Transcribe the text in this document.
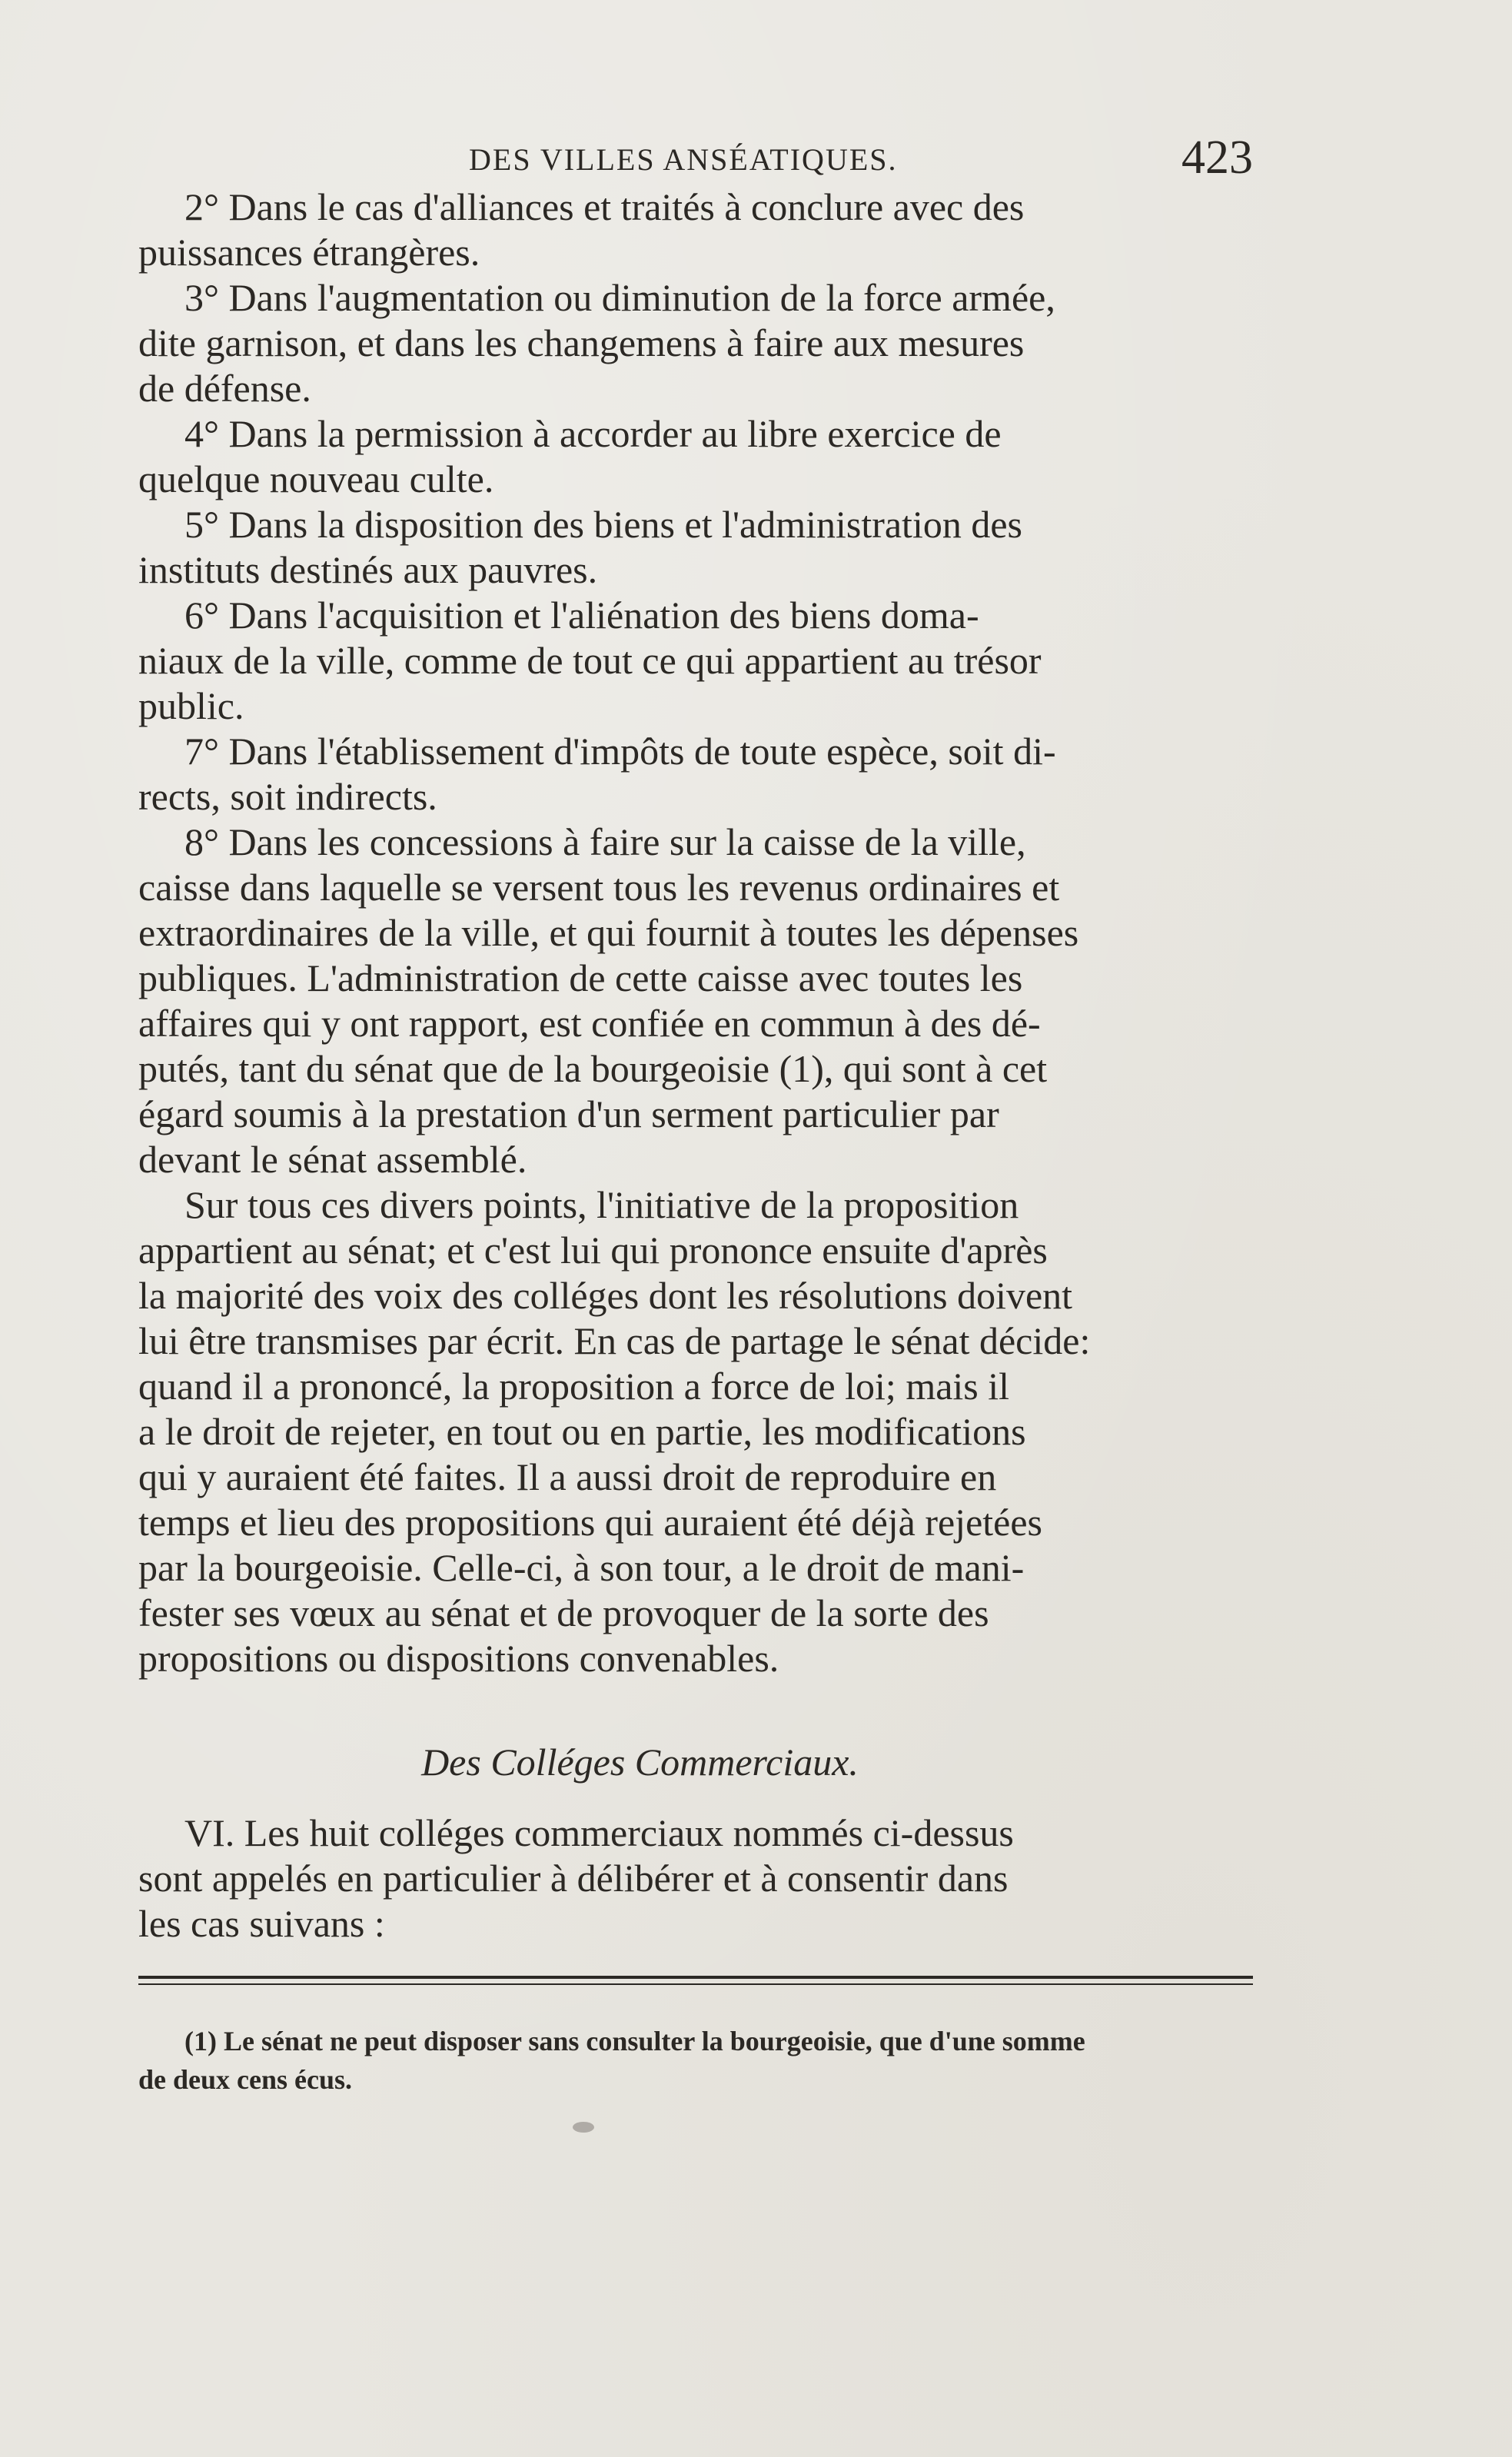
DES VILLES ANSÉATIQUES.	423
2° Dans le cas d'alliances et traités à conclure avec des
puissances étrangères.
3° Dans l'augmentation ou diminution de la force armée,
dite garnison, et dans les changemens à faire aux mesures
de défense.
4° Dans la permission à accorder au libre exercice de
quelque nouveau culte.
5° Dans la disposition des biens et l'administration des
instituts destinés aux pauvres.
6° Dans l'acquisition et l'aliénation des biens doma-
niaux de la ville, comme de tout ce qui appartient au trésor
public.
7° Dans l'établissement d'impôts de toute espèce, soit di-
rects, soit indirects.
8° Dans les concessions à faire sur la caisse de la ville,
caisse dans laquelle se versent tous les revenus ordinaires et
extraordinaires de la ville, et qui fournit à toutes les dépenses
publiques. L'administration de cette caisse avec toutes les
affaires qui y ont rapport, est confiée en commun à des dé-
putés, tant du sénat que de la bourgeoisie (1), qui sont à cet
égard soumis à la prestation d'un serment particulier par
devant le sénat assemblé.
Sur tous ces divers points, l'initiative de la proposition
appartient au sénat; et c'est lui qui prononce ensuite d'après
la majorité des voix des colléges dont les résolutions doivent
lui être transmises par écrit. En cas de partage le sénat décide:
quand il a prononcé, la proposition a force de loi; mais il
a le droit de rejeter, en tout ou en partie, les modifications
qui y auraient été faites. Il a aussi droit de reproduire en
temps et lieu des propositions qui auraient été déjà rejetées
par la bourgeoisie. Celle-ci, à son tour, a le droit de mani-
fester ses vœux au sénat et de provoquer de la sorte des
propositions ou dispositions convenables.
Des Colléges Commerciaux.
VI. Les huit colléges commerciaux nommés ci-dessus
sont appelés en particulier à délibérer et à consentir dans
les cas suivans :
(1) Le sénat ne peut disposer sans consulter la bourgeoisie, que d'une somme
de deux cens écus.
